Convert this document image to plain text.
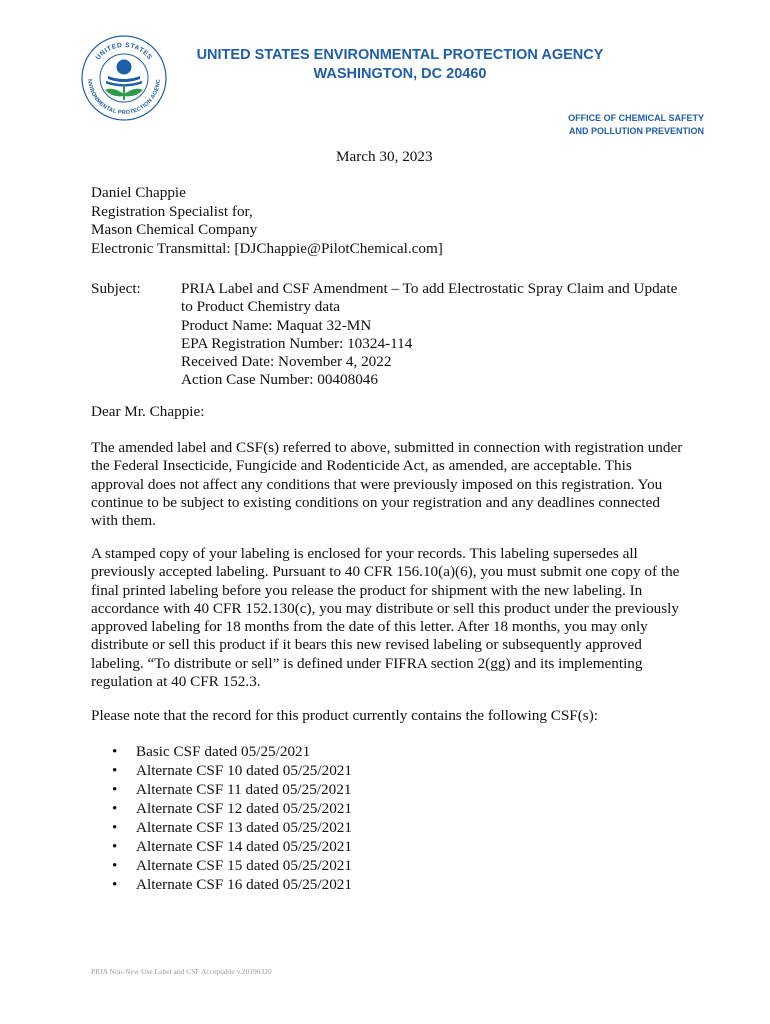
UNITED STATES
NVIRONMENTAL PROTECTION AGENC
UNITED STATES ENVIRONMENTAL PROTECTION AGENCY
WASHINGTON, DC 20460
OFFICE OF CHEMICAL SAFETY
AND POLLUTION PREVENTION
March 30, 2023
Daniel Chappie
Registration Specialist for,
Mason Chemical Company
Electronic Transmittal: [DJChappie@PilotChemical.com]
Subject:	PRIA Label and CSF Amendment – To add Electrostatic Spray Claim and Update
to Product Chemistry data
Product Name: Maquat 32-MN
EPA Registration Number: 10324-114
Received Date: November 4, 2022
Action Case Number: 00408046
Dear Mr. Chappie:
The amended label and CSF(s) referred to above, submitted in connection with registration under
the Federal Insecticide, Fungicide and Rodenticide Act, as amended, are acceptable. This
approval does not affect any conditions that were previously imposed on this registration. You
continue to be subject to existing conditions on your registration and any deadlines connected
with them.
A stamped copy of your labeling is enclosed for your records. This labeling supersedes all
previously accepted labeling. Pursuant to 40 CFR 156.10(a)(6), you must submit one copy of the
final printed labeling before you release the product for shipment with the new labeling. In
accordance with 40 CFR 152.130(c), you may distribute or sell this product under the previously
approved labeling for 18 months from the date of this letter. After 18 months, you may only
distribute or sell this product if it bears this new revised labeling or subsequently approved
labeling. “To distribute or sell” is defined under FIFRA section 2(gg) and its implementing
regulation at 40 CFR 152.3.
Please note that the record for this product currently contains the following CSF(s):
• Basic CSF dated 05/25/2021
• Alternate CSF 10 dated 05/25/2021
• Alternate CSF 11 dated 05/25/2021
• Alternate CSF 12 dated 05/25/2021
• Alternate CSF 13 dated 05/25/2021
• Alternate CSF 14 dated 05/25/2021
• Alternate CSF 15 dated 05/25/2021
• Alternate CSF 16 dated 05/25/2021
PRIA Non-New Use Label and CSF Acceptable v.20190320
